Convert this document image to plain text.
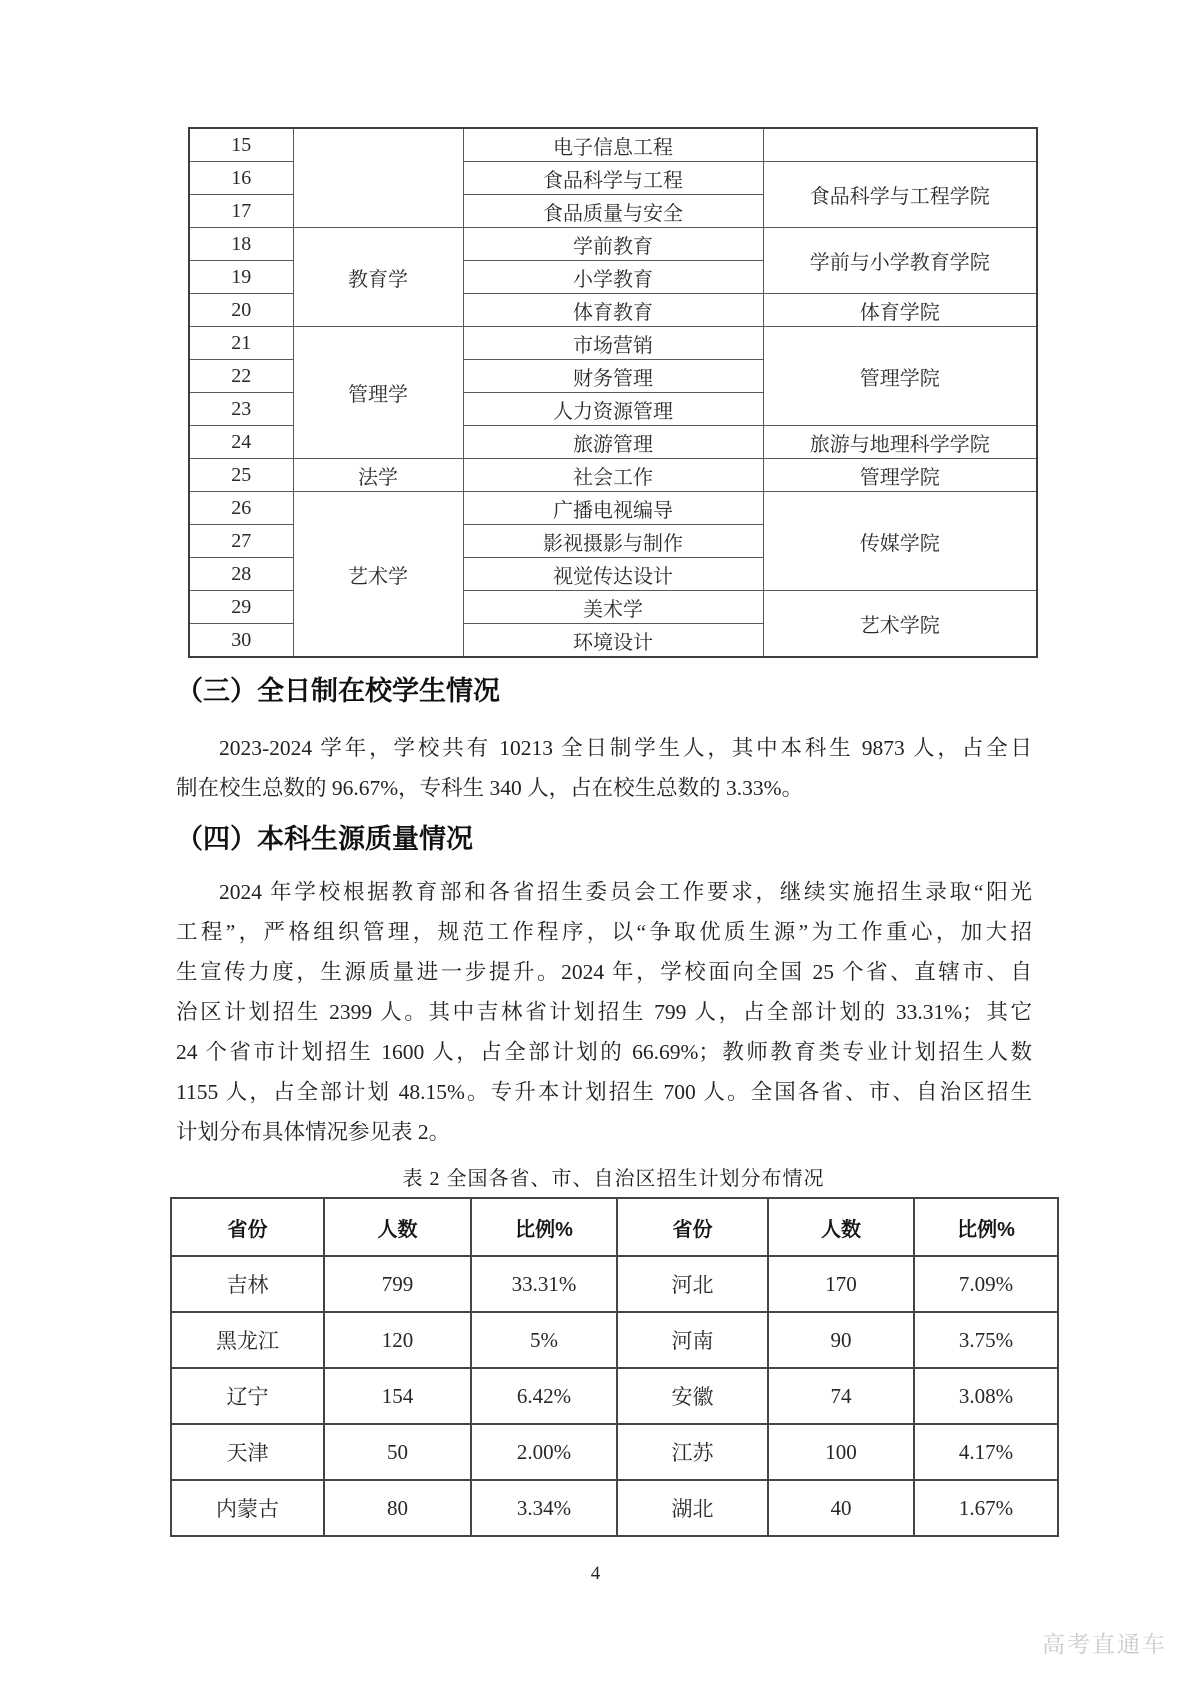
15		电子信息工程	
16		食品科学与工程	食品科学与工程学院
17		食品质量与安全	
18	教育学	学前教育	学前与小学教育学院
19		小学教育	
20		体育教育	体育学院
21	管理学	市场营销	管理学院
22		财务管理	
23		人力资源管理	
24		旅游管理	旅游与地理科学学院
25	法学	社会工作	管理学院
26	艺术学	广播电视编导	传媒学院
27		影视摄影与制作	
28		视觉传达设计	
29		美术学	艺术学院
30		环境设计	
（三）全日制在校学生情况
2023-2024 学年，学校共有 10213 全日制学生人，其中本科生 9873 人，占全日
制在校生总数的 96.67%，专科生 340 人，占在校生总数的 3.33%。
（四）本科生源质量情况
2024 年学校根据教育部和各省招生委员会工作要求，继续实施招生录取“阳光
工程”，严格组织管理，规范工作程序，以“争取优质生源”为工作重心，加大招
生宣传力度，生源质量进一步提升。2024 年，学校面向全国 25 个省、直辖市、自
治区计划招生 2399 人。其中吉林省计划招生 799 人，占全部计划的 33.31%；其它
24 个省市计划招生 1600 人，占全部计划的 66.69%；教师教育类专业计划招生人数
1155 人，占全部计划 48.15%。专升本计划招生 700 人。全国各省、市、自治区招生
计划分布具体情况参见表 2。
表 2 全国各省、市、自治区招生计划分布情况
省份	人数	比例%	省份	人数	比例%
吉林	799	33.31%	河北	170	7.09%
黑龙江	120	5%	河南	90	3.75%
辽宁	154	6.42%	安徽	74	3.08%
天津	50	2.00%	江苏	100	4.17%
内蒙古	80	3.34%	湖北	40	1.67%
4
高考直通车
